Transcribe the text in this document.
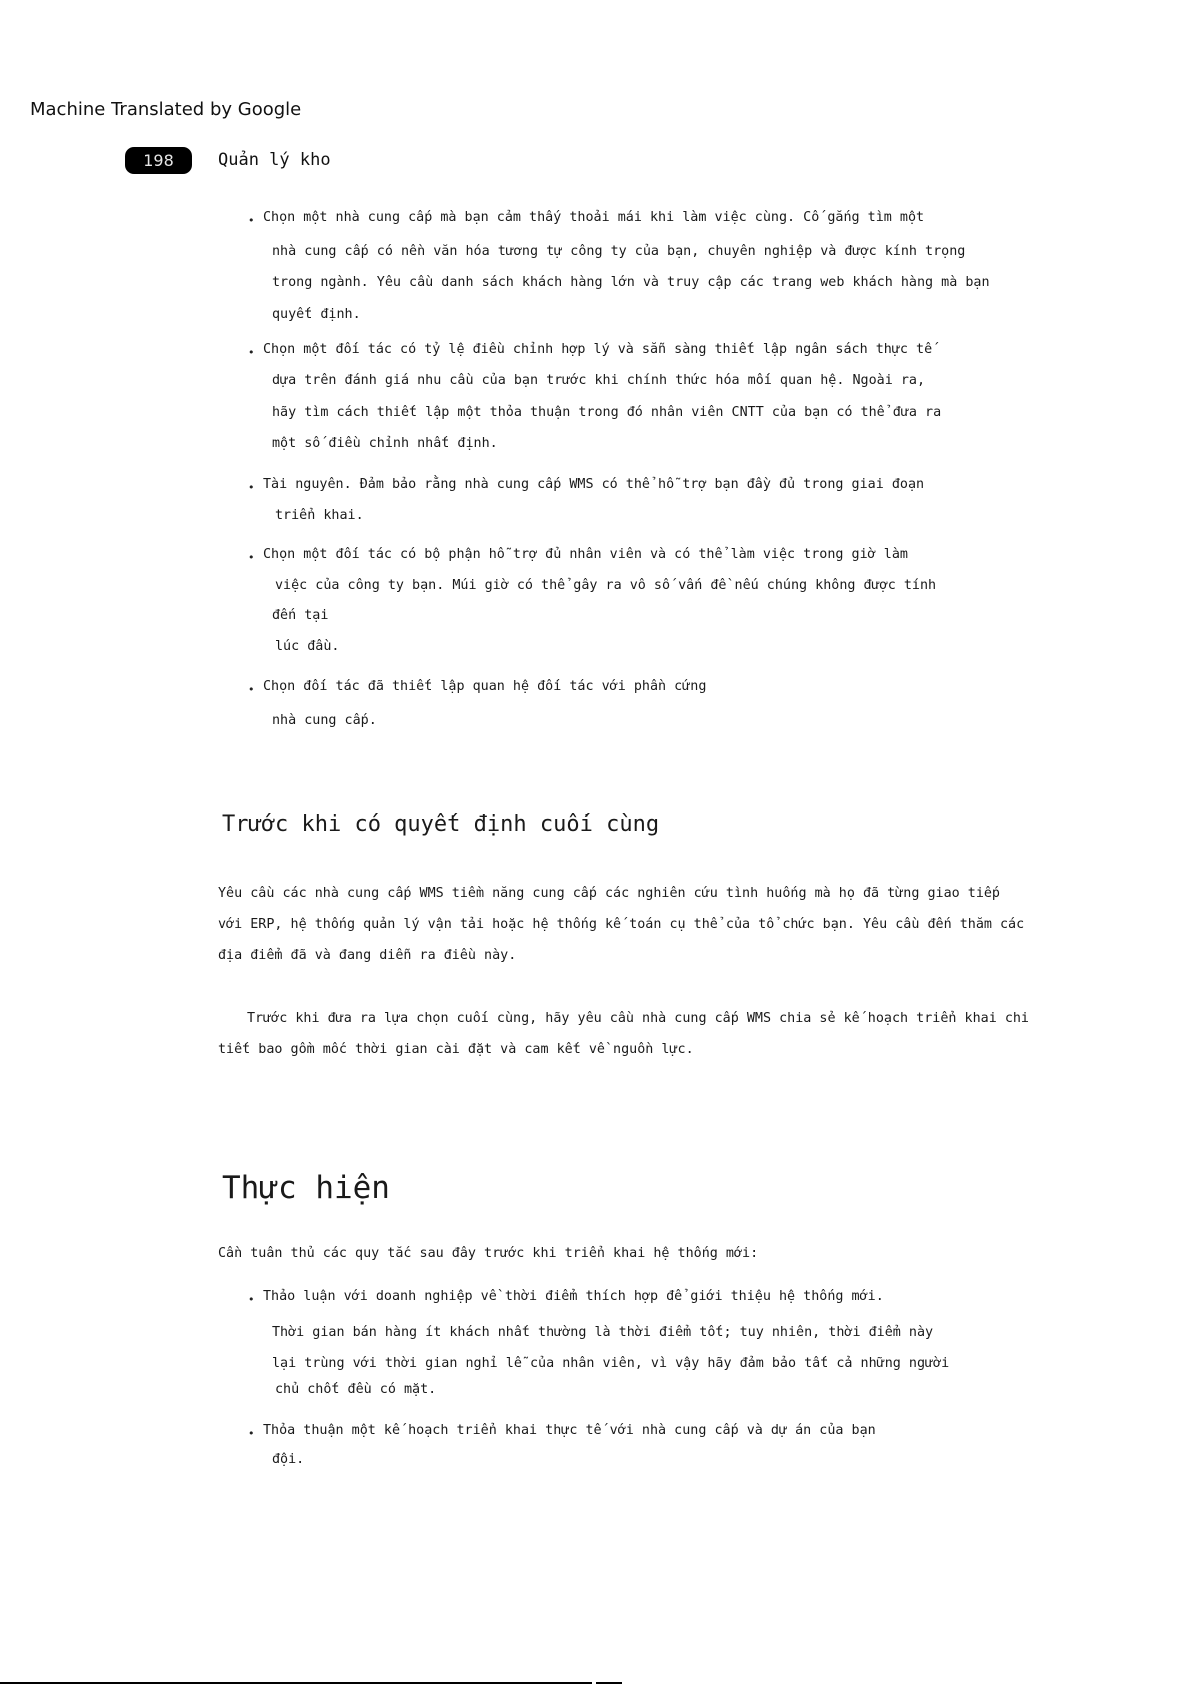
Machine Translated by Google
198	Quản lý kho
• Chọn một nhà cung cấp mà bạn cảm thấy thoải mái khi làm việc cùng. Cố gắng tìm một
nhà cung cấp có nền văn hóa tương tự công ty của bạn, chuyên nghiệp và được kính trọng
trong ngành. Yêu cầu danh sách khách hàng lớn và truy cập các trang web khách hàng mà bạn
quyết định.
• Chọn một đối tác có tỷ lệ điều chỉnh hợp lý và sẵn sàng thiết lập ngân sách thực tế
dựa trên đánh giá nhu cầu của bạn trước khi chính thức hóa mối quan hệ. Ngoài ra,
hãy tìm cách thiết lập một thỏa thuận trong đó nhân viên CNTT của bạn có thể đưa ra
một số điều chỉnh nhất định.
• Tài nguyên. Đảm bảo rằng nhà cung cấp WMS có thể hỗ trợ bạn đầy đủ trong giai đoạn
triển khai.
• Chọn một đối tác có bộ phận hỗ trợ đủ nhân viên và có thể làm việc trong giờ làm
việc của công ty bạn. Múi giờ có thể gây ra vô số vấn đề nếu chúng không được tính
đến tại
lúc đầu.
• Chọn đối tác đã thiết lập quan hệ đối tác với phần cứng
nhà cung cấp.
Trước khi có quyết định cuối cùng
Yêu cầu các nhà cung cấp WMS tiềm năng cung cấp các nghiên cứu tình huống mà họ đã từng giao tiếp
với ERP, hệ thống quản lý vận tải hoặc hệ thống kế toán cụ thể của tổ chức bạn. Yêu cầu đến thăm các
địa điểm đã và đang diễn ra điều này.
Trước khi đưa ra lựa chọn cuối cùng, hãy yêu cầu nhà cung cấp WMS chia sẻ kế hoạch triển khai chi
tiết bao gồm mốc thời gian cài đặt và cam kết về nguồn lực.
Thực hiện
Cần tuân thủ các quy tắc sau đây trước khi triển khai hệ thống mới:
• Thảo luận với doanh nghiệp về thời điểm thích hợp để giới thiệu hệ thống mới.
Thời gian bán hàng ít khách nhất thường là thời điểm tốt; tuy nhiên, thời điểm này
lại trùng với thời gian nghỉ lễ của nhân viên, vì vậy hãy đảm bảo tất cả những người
chủ chốt đều có mặt.
• Thỏa thuận một kế hoạch triển khai thực tế với nhà cung cấp và dự án của bạn
đội.
